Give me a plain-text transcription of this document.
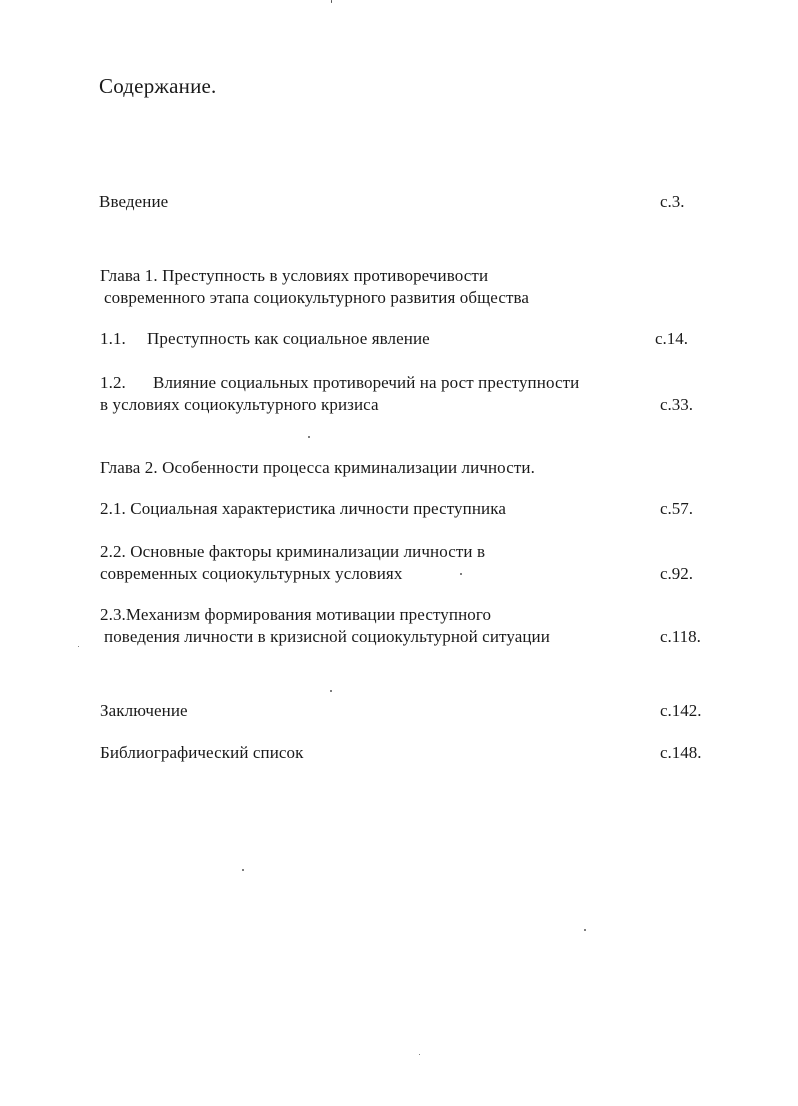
Содержание.
Введение	с.3.
Глава 1. Преступность в условиях противоречивости
современного этапа социокультурного развития общества
1.1. Преступность как социальное явление	с.14.
1.2. Влияние социальных противоречий на рост преступности
в условиях социокультурного кризиса	с.33.
Глава 2. Особенности процесса криминализации личности.
2.1. Социальная характеристика личности преступника	с.57.
2.2. Основные факторы криминализации личности в
современных социокультурных условиях	с.92.
2.3.Механизм формирования мотивации преступного
поведения личности в кризисной социокультурной ситуации	с.118.
Заключение	с.142.
Библиографический список	с.148.
